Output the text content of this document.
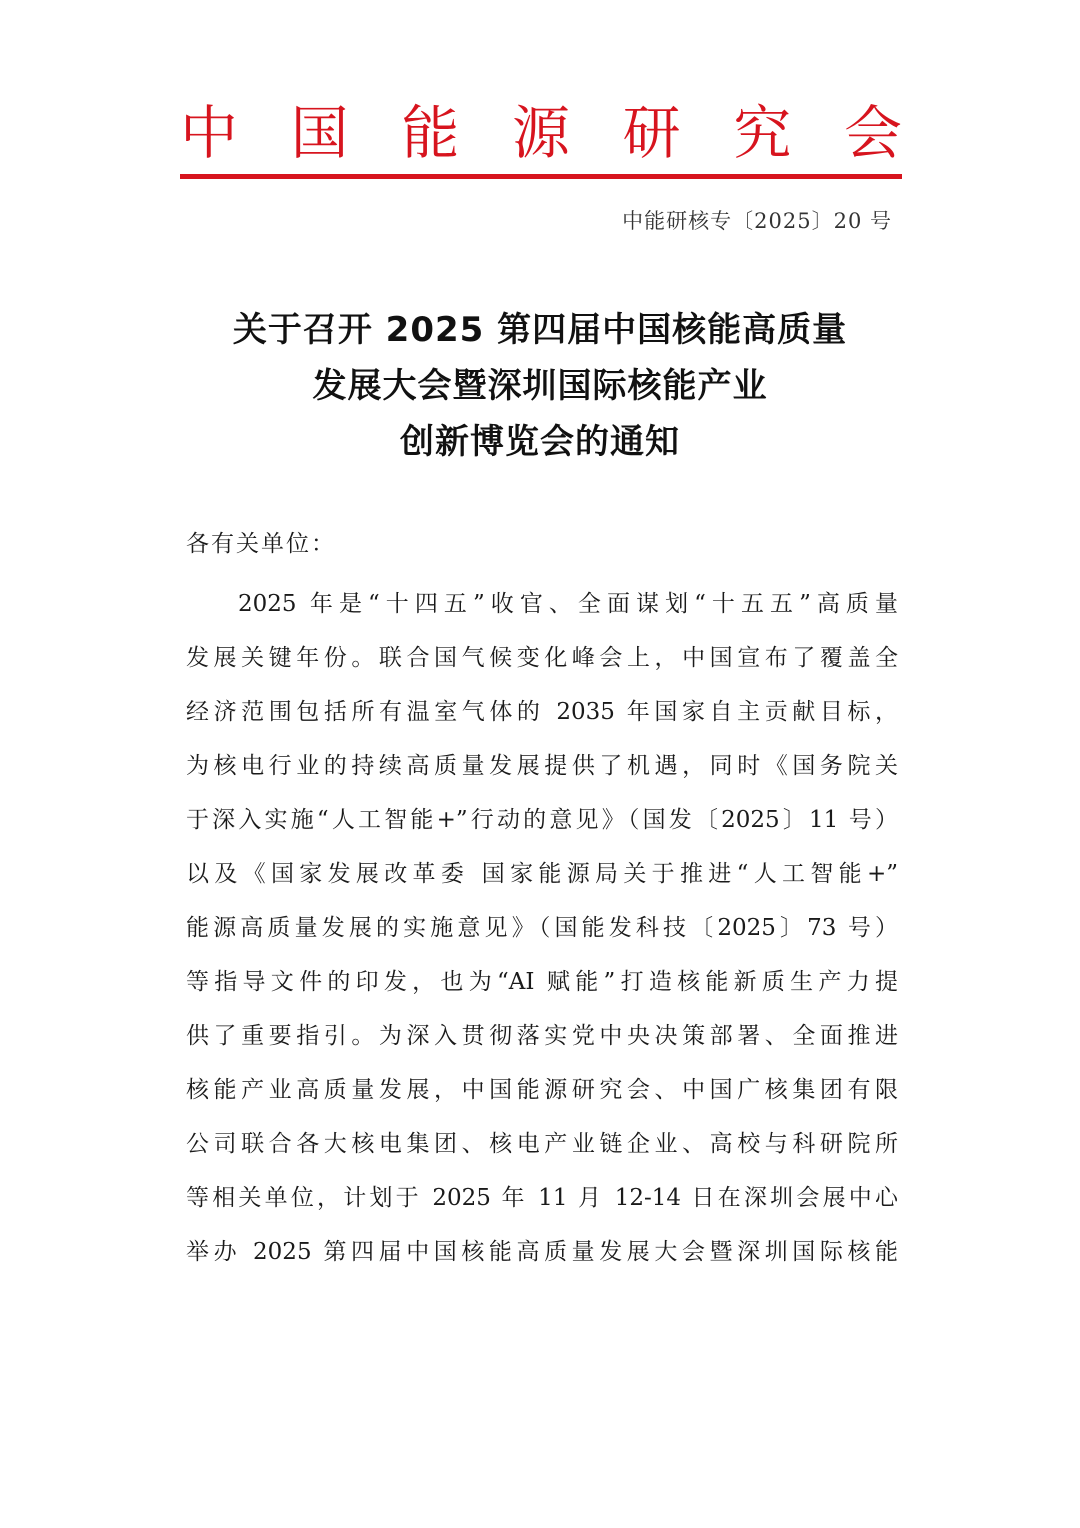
中 国 能 源 研 究 会
中能研核专〔2025〕20 号
关于召开 2025 第四届中国核能高质量
发展大会暨深圳国际核能产业
创新博览会的通知
各有关单位：
2025 年是“十四五”收官、全面谋划“十五五”高质量
发展关键年份。联合国气候变化峰会上，中国宣布了覆盖全
经济范围包括所有温室气体的 2035 年国家自主贡献目标，
为核电行业的持续高质量发展提供了机遇，同时《国务院关
于深入实施“人工智能+”行动的意见》（国发〔2025〕11 号）
以及《国家发展改革委 国家能源局关于推进“人工智能+”
能源高质量发展的实施意见》（国能发科技〔2025〕73 号）
等指导文件的印发，也为“AI 赋能”打造核能新质生产力提
供了重要指引。为深入贯彻落实党中央决策部署、全面推进
核能产业高质量发展，中国能源研究会、中国广核集团有限
公司联合各大核电集团、核电产业链企业、高校与科研院所
等相关单位，计划于 2025 年 11 月 12-14 日在深圳会展中心
举办 2025 第四届中国核能高质量发展大会暨深圳国际核能
